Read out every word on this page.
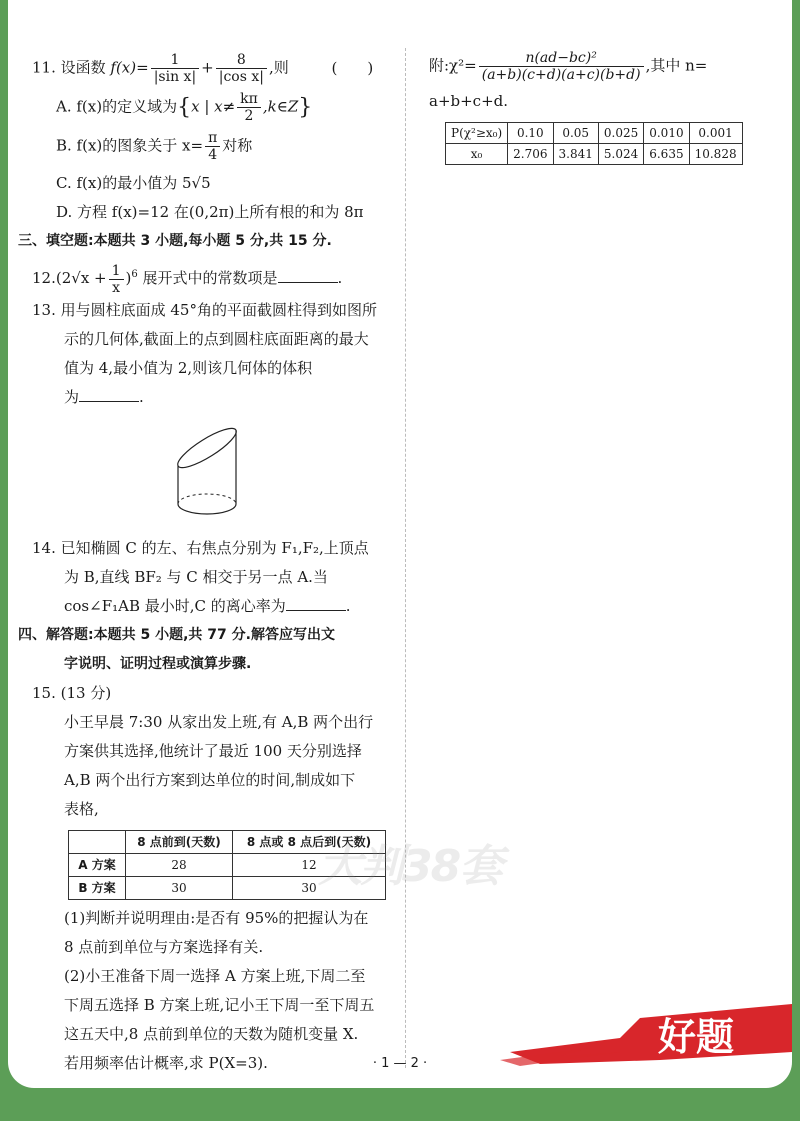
11. 设函数 $f(x)= \frac{1}{\text{|sin x|}} + \frac{8}{\text{|cos x|}}$ ,则	(　　)

A. f(x)的定义域为{x | $x\ne \frac{k\pi}{2}$ ,k∈Z}

B. f(x)的图象关于 $x= \frac{\pi}{4}$ 对称

C. f(x)的最小值为 5√5

D. 方程 f(x)=12 在(0,2π)上所有根的和为 8π

三、填空题:本题共 3 小题,每小题 5 分,共 15 分.

$12.(2√x + \frac{1}{x} )^6$ 展开式中的常数项是	.

13. 用与圆柱底面成 45°角的平面截圆柱得到如图所

示的几何体,截面上的点到圆柱底面距离的最大

值为 4,最小值为 2,则该几何体的体积

为	.

14. 已知椭圆 C 的左、右焦点分别为 F₁,F₂,上顶点

为 B,直线 BF₂ 与 C 相交于另一点 A.当

cos∠F₁AB 最小时,C 的离心率为	.

四、解答题:本题共 5 小题,共 77 分.解答应写出文

字说明、证明过程或演算步骤.

15. (13 分)

小王早晨 7:30 从家出发上班,有 A,B 两个出行

方案供其选择,他统计了最近 100 天分别选择

A,B 两个出行方案到达单位的时间,制成如下

表格,

	8 点前到(天数)	8 点或 8 点后到(天数)
A 方案	28	12
B 方案	30	30

(1)判断并说明理由:是否有 95%的把握认为在

8 点前到单位与方案选择有关.

(2)小王准备下周一选择 A 方案上班,下周二至

下周五选择 B 方案上班,记小王下周一至下周五

这五天中,8 点前到单位的天数为随机变量 X.

若用频率估计概率,求 P(X=3).

附:χ²= $\frac{\text{n(ad−bc)²}}{(a+b)(c+d)(a+c)(b+d)}$ ,其中 n=

a+b+c+d.

P(χ²≥x₀)	0.10	0.05	0.025	0.010	0.001
x₀	2.706	3.841	5.024	6.635	10.828
大判38套
好题
· 1 — 2 ·
